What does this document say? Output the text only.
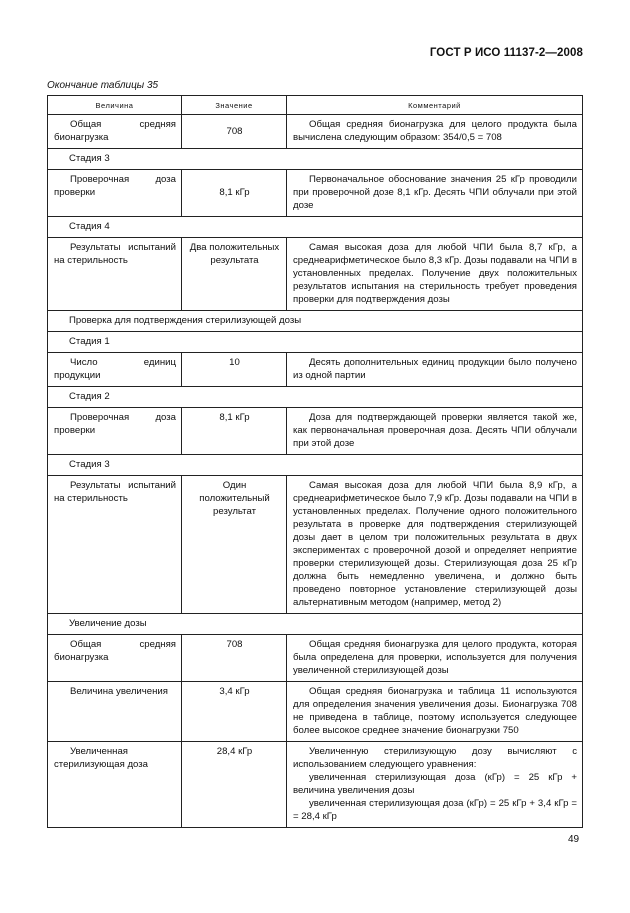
ГОСТ Р ИСО 11137-2—2008
Окончание таблицы 35
Величина	Значение	Комментарий
Общая средняя бионагрузка	708	Общая средняя бионагрузка для целого продукта была вычислена следующим образом: 354/0,5 = 708
Стадия 3		
Проверочная доза проверки	8,1 кГр	Первоначальное обоснование значения 25 кГр проводили при проверочной дозе 8,1 кГр. Десять ЧПИ облучали при этой дозе
Стадия 4		
Результаты испытаний на стерильность	Два положительных результата	Самая высокая доза для любой ЧПИ была 8,7 кГр, а среднеарифметическое было 8,3 кГр. Дозы подавали на ЧПИ в установленных пределах. Получение двух положительных результатов испытания на стерильность требует проведения проверки для подтверждения дозы
Проверка для подтверждения стерилизующей дозы		
Стадия 1		
Число единиц продукции	10	Десять дополнительных единиц продукции было получено из одной партии
Стадия 2		
Проверочная доза проверки	8,1 кГр	Доза для подтверждающей проверки является такой же, как первоначальная проверочная доза. Десять ЧПИ облучали при этой дозе
Стадия 3		
Результаты испытаний на стерильность	Один положительный результат	Самая высокая доза для любой ЧПИ была 8,9 кГр, а среднеарифметическое было 7,9 кГр. Дозы подавали на ЧПИ в установленных пределах. Получение одного положительного результата в проверке для подтверждения стерилизующей дозы дает в целом три положительных результата в двух экспериментах с проверочной дозой и определяет неприятие проверки стерилизующей дозы. Стерилизующая доза 25 кГр должна быть немедленно увеличена, и должно быть проведено повторное установление стерилизующей дозы альтернативным методом (например, метод 2)
Увеличение дозы		
Общая средняя бионагрузка	708	Общая средняя бионагрузка для целого продукта, которая была определена для проверки, используется для получения увеличенной стерилизующей дозы
Величина увеличения	3,4 кГр	Общая средняя бионагрузка и таблица 11 используются для определения значения увеличения дозы. Бионагрузка 708 не приведена в таблице, поэтому используется следующее более высокое среднее значение бионагрузки 750
Увеличенная стерилизующая доза	28,4 кГр	Увеличенную стерилизующую дозу вычисляют с использованием следующего уравнения:
увеличенная стерилизующая доза (кГр) = 25 кГр + величина увеличения дозы
увеличенная стерилизующая доза (кГр) = 25 кГр + 3,4 кГр = = 28,4 кГр
49
